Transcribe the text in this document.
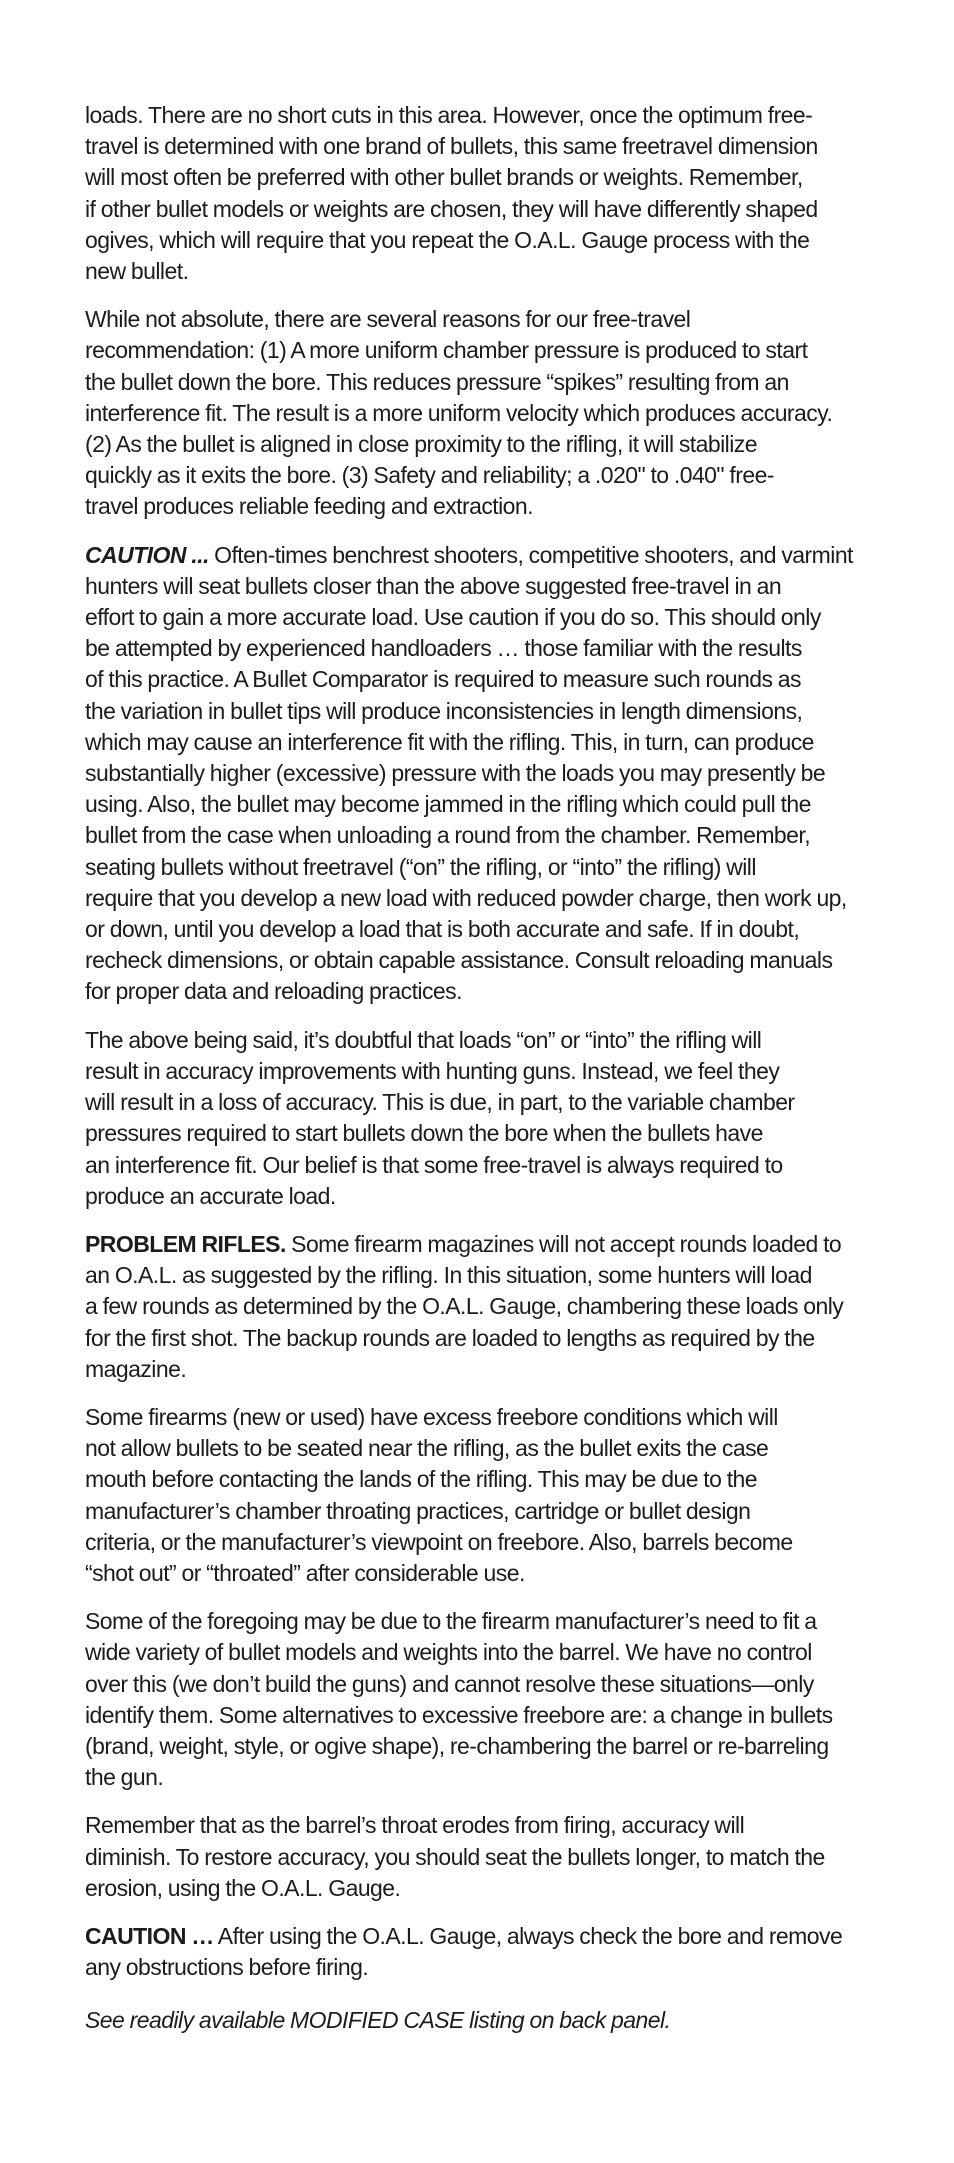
loads. There are no short cuts in this area. However, once the optimum free-
travel is determined with one brand of bullets, this same freetravel dimension
will most often be preferred with other bullet brands or weights. Remember,
if other bullet models or weights are chosen, they will have differently shaped
ogives, which will require that you repeat the O.A.L. Gauge process with the
new bullet.
While not absolute, there are several reasons for our free-travel
recommendation: (1) A more uniform chamber pressure is produced to start
the bullet down the bore. This reduces pressure “spikes” resulting from an
interference fit. The result is a more uniform velocity which produces accuracy.
(2) As the bullet is aligned in close proximity to the rifling, it will stabilize
quickly as it exits the bore. (3) Safety and reliability; a .020" to .040" free-
travel produces reliable feeding and extraction.
CAUTION ... Often-times benchrest shooters, competitive shooters, and varmint
hunters will seat bullets closer than the above suggested free-travel in an
effort to gain a more accurate load. Use caution if you do so. This should only
be attempted by experienced handloaders … those familiar with the results
of this practice. A Bullet Comparator is required to measure such rounds as
the variation in bullet tips will produce inconsistencies in length dimensions,
which may cause an interference fit with the rifling. This, in turn, can produce
substantially higher (excessive) pressure with the loads you may presently be
using. Also, the bullet may become jammed in the rifling which could pull the
bullet from the case when unloading a round from the chamber. Remember,
seating bullets without freetravel (“on” the rifling, or “into” the rifling) will
require that you develop a new load with reduced powder charge, then work up,
or down, until you develop a load that is both accurate and safe. If in doubt,
recheck dimensions, or obtain capable assistance. Consult reloading manuals
for proper data and reloading practices.
The above being said, it’s doubtful that loads “on” or “into” the rifling will
result in accuracy improvements with hunting guns. Instead, we feel they
will result in a loss of accuracy. This is due, in part, to the variable chamber
pressures required to start bullets down the bore when the bullets have
an interference fit. Our belief is that some free-travel is always required to
produce an accurate load.
PROBLEM RIFLES. Some firearm magazines will not accept rounds loaded to
an O.A.L. as suggested by the rifling. In this situation, some hunters will load
a few rounds as determined by the O.A.L. Gauge, chambering these loads only
for the first shot. The backup rounds are loaded to lengths as required by the
magazine.
Some firearms (new or used) have excess freebore conditions which will
not allow bullets to be seated near the rifling, as the bullet exits the case
mouth before contacting the lands of the rifling. This may be due to the
manufacturer’s chamber throating practices, cartridge or bullet design
criteria, or the manufacturer’s viewpoint on freebore. Also, barrels become
“shot out” or “throated” after considerable use.
Some of the foregoing may be due to the firearm manufacturer’s need to fit a
wide variety of bullet models and weights into the barrel. We have no control
over this (we don’t build the guns) and cannot resolve these situations—only
identify them. Some alternatives to excessive freebore are: a change in bullets
(brand, weight, style, or ogive shape), re-chambering the barrel or re-barreling
the gun.
Remember that as the barrel’s throat erodes from firing, accuracy will
diminish. To restore accuracy, you should seat the bullets longer, to match the
erosion, using the O.A.L. Gauge.
CAUTION … After using the O.A.L. Gauge, always check the bore and remove
any obstructions before firing.
See readily available MODIFIED CASE listing on back panel.
